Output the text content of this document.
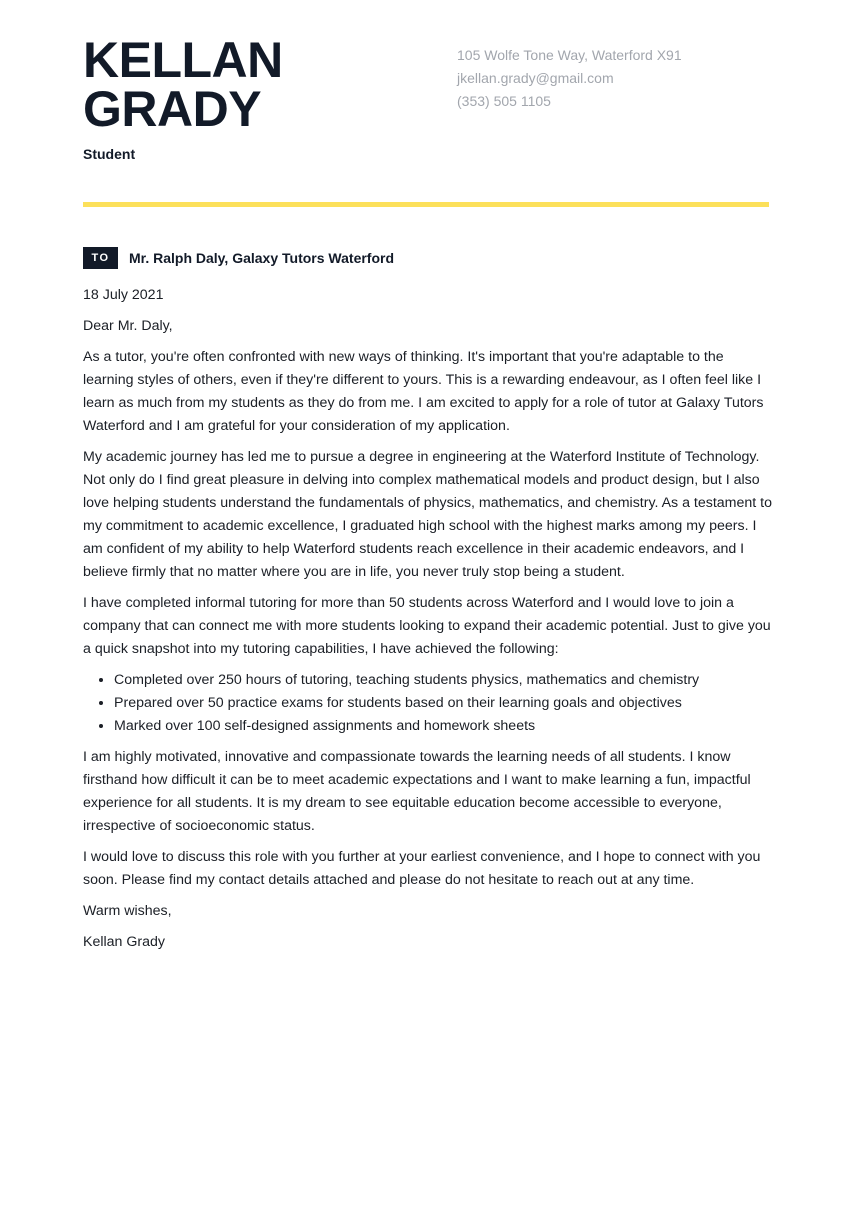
KELLAN
GRADY
Student
105 Wolfe Tone Way, Waterford X91
jkellan.grady@gmail.com
(353) 505 1105
TO	Mr. Ralph Daly, Galaxy Tutors Waterford

18 July 2021

Dear Mr. Daly,

As a tutor, you're often confronted with new ways of thinking. It's important that you're adaptable to the learning styles of others, even if they're different to yours. This is a rewarding endeavour, as I often feel like I learn as much from my students as they do from me. I am excited to apply for a role of tutor at Galaxy Tutors Waterford and I am grateful for your consideration of my application.

My academic journey has led me to pursue a degree in engineering at the Waterford Institute of Technology. Not only do I find great pleasure in delving into complex mathematical models and product design, but I also love helping students understand the fundamentals of physics, mathematics, and chemistry. As a testament to my commitment to academic excellence, I graduated high school with the highest marks among my peers. I am confident of my ability to help Waterford students reach excellence in their academic endeavors, and I believe firmly that no matter where you are in life, you never truly stop being a student.

I have completed informal tutoring for more than 50 students across Waterford and I would love to join a company that can connect me with more students looking to expand their academic potential. Just to give you a quick snapshot into my tutoring capabilities, I have achieved the following:

• Completed over 250 hours of tutoring, teaching students physics, mathematics and chemistry
• Prepared over 50 practice exams for students based on their learning goals and objectives
• Marked over 100 self-designed assignments and homework sheets

I am highly motivated, innovative and compassionate towards the learning needs of all students. I know firsthand how difficult it can be to meet academic expectations and I want to make learning a fun, impactful experience for all students. It is my dream to see equitable education become accessible to everyone, irrespective of socioeconomic status.

I would love to discuss this role with you further at your earliest convenience, and I hope to connect with you soon. Please find my contact details attached and please do not hesitate to reach out at any time.

Warm wishes,

Kellan Grady
